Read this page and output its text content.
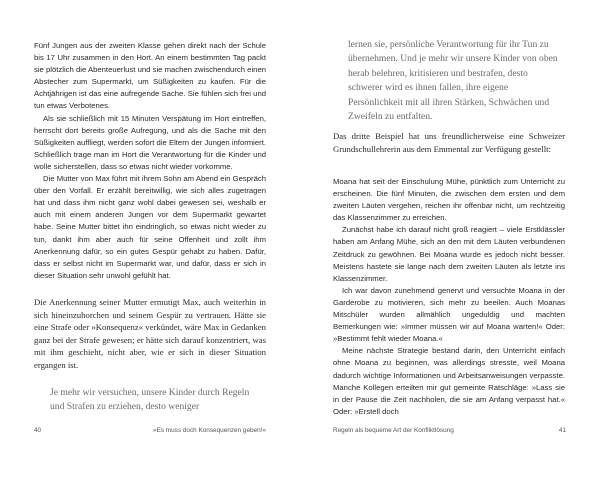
Fünf Jungen aus der zweiten Klasse gehen direkt nach der Schule bis 17 Uhr zusammen in den Hort. An einem bestimmten Tag packt sie plötzlich die Abenteuerlust und sie machen zwischendurch einen Abstecher zum Supermarkt, um Süßigkeiten zu kaufen. Für die Achtjährigen ist das eine aufregende Sache. Sie fühlen sich frei und tun etwas Verbotenes.

Als sie schließlich mit 15 Minuten Verspätung im Hort eintreffen, herrscht dort bereits große Aufregung, und als die Sache mit den Süßigkeiten auffliegt, werden sofort die Eltern der Jungen informiert. Schließlich trage man im Hort die Verantwortung für die Kinder und wolle sicherstellen, dass so etwas nicht wieder vorkomme.

Die Mutter von Max führt mit ihrem Sohn am Abend ein Gespräch über den Vorfall. Er erzählt bereitwillig, wie sich alles zugetragen hat und dass ihm nicht ganz wohl dabei gewesen sei, weshalb er auch mit einem anderen Jungen vor dem Supermarkt gewartet habe. Seine Mutter bittet ihn eindringlich, so etwas nicht wieder zu tun, dankt ihm aber auch für seine Offenheit und zollt ihm Anerkennung dafür, so ein gutes Gespür gehabt zu haben. Dafür, dass er selbst nicht im Supermarkt war, und dafür, dass er sich in dieser Situation sehr unwohl gefühlt hat.

Die Anerkennung seiner Mutter ermutigt Max, auch weiterhin in sich hineinzuhorchen und seinem Gespür zu vertrauen. Hätte sie eine Strafe oder »Konsequenz« verkündet, wäre Max in Gedanken ganz bei der Strafe gewesen; er hätte sich darauf konzentriert, was mit ihm geschieht, nicht aber, wie er sich in dieser Situation ergangen ist.

Je mehr wir versuchen, unsere Kinder durch Regeln und Strafen zu erziehen, desto weniger

40	»Es muss doch Konsequenzen geben!«

lernen sie, persönliche Verantwortung für ihr Tun zu übernehmen. Und je mehr wir unsere Kinder von oben herab belehren, kritisieren und bestrafen, desto schwerer wird es ihnen fallen, ihre eigene Persönlichkeit mit all ihren Stärken, Schwächen und Zweifeln zu entfalten.

Das dritte Beispiel hat uns freundlicherweise eine Schweizer Grundschullehrerin aus dem Emmental zur Verfügung gestellt:

Moana hat seit der Einschulung Mühe, pünktlich zum Unterricht zu erscheinen. Die fünf Minuten, die zwischen dem ersten und dem zweiten Läuten vergehen, reichen ihr offenbar nicht, um rechtzeitig das Klassenzimmer zu erreichen.

Zunächst habe ich darauf nicht groß reagiert – viele Erstklässler haben am Anfang Mühe, sich an den mit dem Läuten verbundenen Zeitdruck zu gewöhnen. Bei Moana wurde es jedoch nicht besser. Meistens hastete sie lange nach dem zweiten Läuten als letzte ins Klassenzimmer.

Ich war davon zunehmend genervt und versuchte Moana in der Garderobe zu motivieren, sich mehr zu beeilen. Auch Moanas Mitschüler wurden allmählich ungeduldig und machten Bemerkungen wie: »Immer müssen wir auf Moana warten!« Oder: »Bestimmt fehlt wieder Moana.«

Meine nächste Strategie bestand darin, den Unterricht einfach ohne Moana zu beginnen, was allerdings stresste, weil Moana dadurch wichtige Informationen und Arbeitsanweisungen verpasste. Manche Kollegen erteilten mir gut gemeinte Ratschläge: »Lass sie in der Pause die Zeit nachholen, die sie am Anfang verpasst hat.« Oder: »Erstell doch

Regeln als bequeme Art der Konfliktlösung	41
